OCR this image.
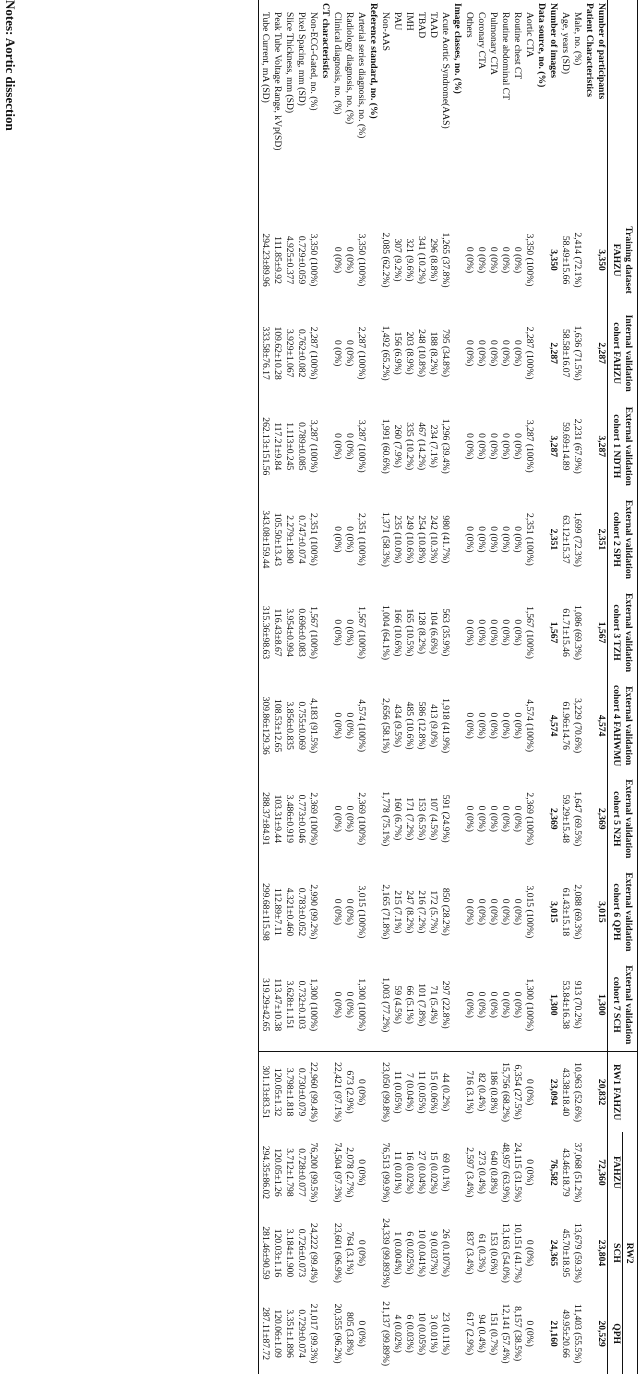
	Training dataset FAHZU	Internal validation cohort FAHZU	External validation cohort 1 NDTH	External validation cohort 2 SPH	External validation cohort 3 TZH	External validation cohort 4 FAHWMU	External validation cohort 5 N2H	External validation cohort 6 QPH	External validation cohort 7 SCH	RW1 FAHZU	RW2		
											FAHZU	SCH	QPH
Number of participants	3,350	2,287	3,287	2,351	1,567	4,574	2,369	3,015	1,300	20,832	72,360	23,804	20,529
Patient Characteristics													
Male, no. (%)	2,414 (72.1%)	1,636 (71.5%)	2,231 (67.9%)	1,699 (72.3%)	1,086 (69.3%)	3,229 (70.6%)	1,647 (69.5%)	2,088 (69.3%)	913 (70.2%)	10,963 (52.6%)	37,068 (51.2%)	13,679 (59.3%)	11,403 (55.5%)
Age, years (SD)	58.49±15.66	58.58±16.07	59.69±14.89	63.12±15.37	61.71±15.46	61.96±14.76	59.29±15.48	61.43±15.18	53.84±16.38	43.38±18.40	43.46±18.79	45.70±18.95	49.95±20.66
Number of images	3,350	2,287	3,287	2,351	1,567	4,574	2,369	3,015	1,300	23,094	76,582	24,365	21,160
Data source, no. (%)													
Aortic CTA	3,350 (100%)	2,287 (100%)	3,287 (100%)	2,351 (100%)	1,567 (100%)	4,574 (100%)	2,369 (100%)	3,015 (100%)	1,300 (100%)	0 (0%)	0 (0%)	0 (0%)	0 (0%)
Routine chest CT	0 (0%)	0 (0%)	0 (0%)	0 (0%)	0 (0%)	0 (0%)	0 (0%)	0 (0%)	0 (0%)	6,354 (27.5%)	24,115 (31.5%)	10,151 (41.7%)	8,157 (38.5%)
Routine abdominal CT	0 (0%)	0 (0%)	0 (0%)	0 (0%)	0 (0%)	0 (0%)	0 (0%)	0 (0%)	0 (0%)	15,756 (68.2%)	48,957 (63.9%)	13,163 (54.0%)	12,141 (57.4%)
Pulmonary CTA	0 (0%)	0 (0%)	0 (0%)	0 (0%)	0 (0%)	0 (0%)	0 (0%)	0 (0%)	0 (0%)	186 (0.8%)	640 (0.8%)	153 (0.6%)	151 (0.7%)
Coronary CTA	0 (0%)	0 (0%)	0 (0%)	0 (0%)	0 (0%)	0 (0%)	0 (0%)	0 (0%)	0 (0%)	82 (0.4%)	273 (0.4%)	61 (0.3%)	94 (0.4%)
Others	0 (0%)	0 (0%)	0 (0%)	0 (0%)	0 (0%)	0 (0%)	0 (0%)	0 (0%)	0 (0%)	716 (3.1%)	2,597 (3.4%)	837 (3.4%)	617 (2.9%)
Image classes, no. (%)													
Acute Aortic Syndrome(AAS)	1,265 (37.8%)	795 (34.8%)	1,296 (39.4%)	980 (41.7%)	563 (35.9%)	1,918 (41.9%)	591 (24.9%)	850 (28.2%)	297 (22.8%)	44 (0.2%)	69 (0.1%)	26 (0.107%)	23 (0.11%)
TAAD	296 (8.8%)	188 (8.2%)	234 (7.1%)	242 (10.3%)	104 (6.6%)	413 (9.0%)	107 (4.5%)	172 (5.7%)	71 (5.4%)	15 (0.06%)	15 (0.02%)	9 (0.037%)	3 (0.01%)
TBAD	341 (10.2%)	248 (10.8%)	467 (14.2%)	254 (10.8%)	128 (8.2%)	586 (12.8%)	153 (6.5%)	216 (7.2%)	101 (7.8%)	11 (0.05%)	27 (0.04%)	10 (0.041%)	10 (0.05%)
IMH	321 (9.6%)	203 (8.9%)	335 (10.2%)	249 (10.6%)	165 (10.5%)	485 (10.6%)	171 (7.2%)	247 (8.2%)	66 (5.1%)	7 (0.04%)	16 (0.02%)	6 (0.025%)	6 (0.03%)
PAU	307 (9.2%)	156 (6.9%)	260 (7.9%)	235 (10.0%)	166 (10.6%)	434 (9.5%)	160 (6.7%)	215 (7.1%)	59 (4.5%)	11 (0.05%)	11 (0.01%)	1 (0.004%)	4 (0.02%)
Non-AAS	2,085 (62.2%)	1,492 (65.2%)	1,991 (60.6%)	1,371 (58.3%)	1,004 (64.1%)	2,656 (58.1%)	1,778 (75.1%)	2,165 (71.8%)	1,003 (77.2%)	23,050 (99.8%)	76,513 (99.9%)	24,339 (99.893%)	21,137 (99.89%)
Reference standard, no. (%)													
Arterial series diagnosis, no. (%)	3,350 (100%)	2,287 (100%)	3,287 (100%)	2,351 (100%)	1,567 (100%)	4,574 (100%)	2,369 (100%)	3,015 (100%)	1,300 (100%)	0 (0%)	0 (0%)	0 (0%)	0 (0%)
Radiology diagnosis, no. (%)	0 (0%)	0 (0%)	0 (0%)	0 (0%)	0 (0%)	0 (0%)	0 (0%)	0 (0%)	0 (0%)	673 (2.9%)	2,078 (2.7%)	764 (3.1%)	805 (3.8%)
Clinical diagnosis, no. (%)	0 (0%)	0 (0%)	0 (0%)	0 (0%)	0 (0%)	0 (0%)	0 (0%)	0 (0%)	0 (0%)	22,421 (97.1%)	74,504 (97.3%)	23,601 (96.9%)	20,355 (96.2%)
CT characteristics													
Non-ECG-Gated, no. (%)	3,350 (100%)	2,287 (100%)	3,287 (100%)	2,351 (100%)	1,567 (100%)	4,183 (91.5%)	2,369 (100%)	2,990 (99.2%)	1,300 (100%)	22,960 (99.4%)	76,200 (99.5%)	24,222 (99.4%)	21,017 (99.3%)
Pixel Spacing, mm (SD)	0.729±0.059	0.762±0.082	0.789±0.085	0.747±0.074	0.696±0.083	0.755±0.069	0.773±0.046	0.783±0.052	0.732±0.103	0.730±0.079	0.728±0.077	0.726±0.073	0.729±0.074
Slice Thickness, mm (SD)	4.925±0.377	3.929±1.067	1.113±0.245	2.279±1.890	3.954±0.994	3.856±0.835	3.486±0.919	4.321±0.460	3.628±1.151	3.798±1.818	3.712±1.798	3.184±1.900	3.351±1.896
Peak Tube Voltage Range, kVp(SD)	111.85±9.92	109.62±10.28	117.21±9.84	105.50±13.43	116.43±8.67	108.53±12.65	103.31±9.44	112.89±7.11	113.47±10.38	120.05±1.32	120.05±1.26	120.03±1.16	120.06±1.09
Tube Current, mA (SD)	294.23±89.96	333.58±76.17	262.13±151.56	343.08±159.44	315.36±98.63	309.86±129.36	288.37±84.91	299.68±115.98	319.29±42.65	301.13±83.51	294.35±86.02	281.46±90.59	287.11±87.72
Notes: Aortic dissection
